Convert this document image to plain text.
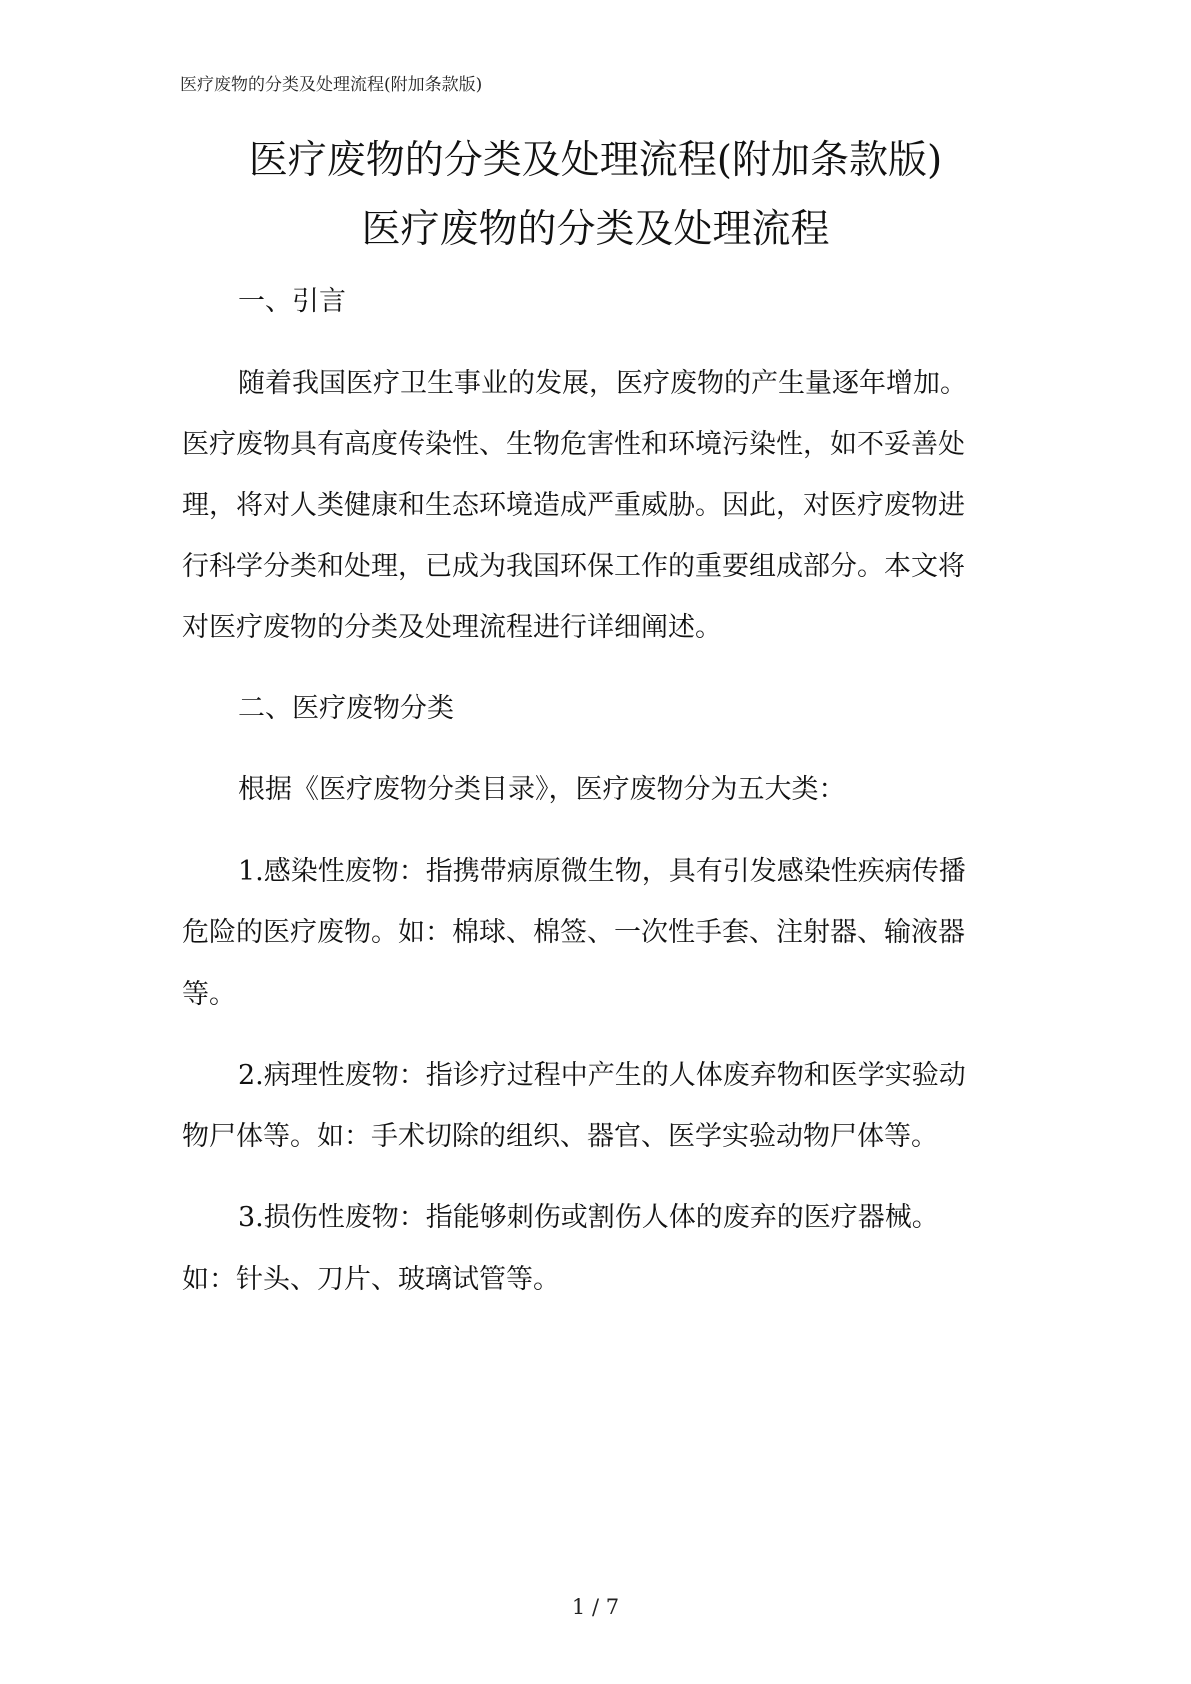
医疗废物的分类及处理流程(附加条款版)
医疗废物的分类及处理流程(附加条款版)
医疗废物的分类及处理流程
一、引言
随着我国医疗卫生事业的发展，医疗废物的产生量逐年增加。
医疗废物具有高度传染性、生物危害性和环境污染性，如不妥善处
理，将对人类健康和生态环境造成严重威胁。因此，对医疗废物进
行科学分类和处理，已成为我国环保工作的重要组成部分。本文将
对医疗废物的分类及处理流程进行详细阐述。
二、医疗废物分类
根据《医疗废物分类目录》，医疗废物分为五大类：
1.感染性废物：指携带病原微生物，具有引发感染性疾病传播
危险的医疗废物。如：棉球、棉签、一次性手套、注射器、输液器
等。
2.病理性废物：指诊疗过程中产生的人体废弃物和医学实验动
物尸体等。如：手术切除的组织、器官、医学实验动物尸体等。
3.损伤性废物：指能够刺伤或割伤人体的废弃的医疗器械。
如：针头、刀片、玻璃试管等。
1 / 7
